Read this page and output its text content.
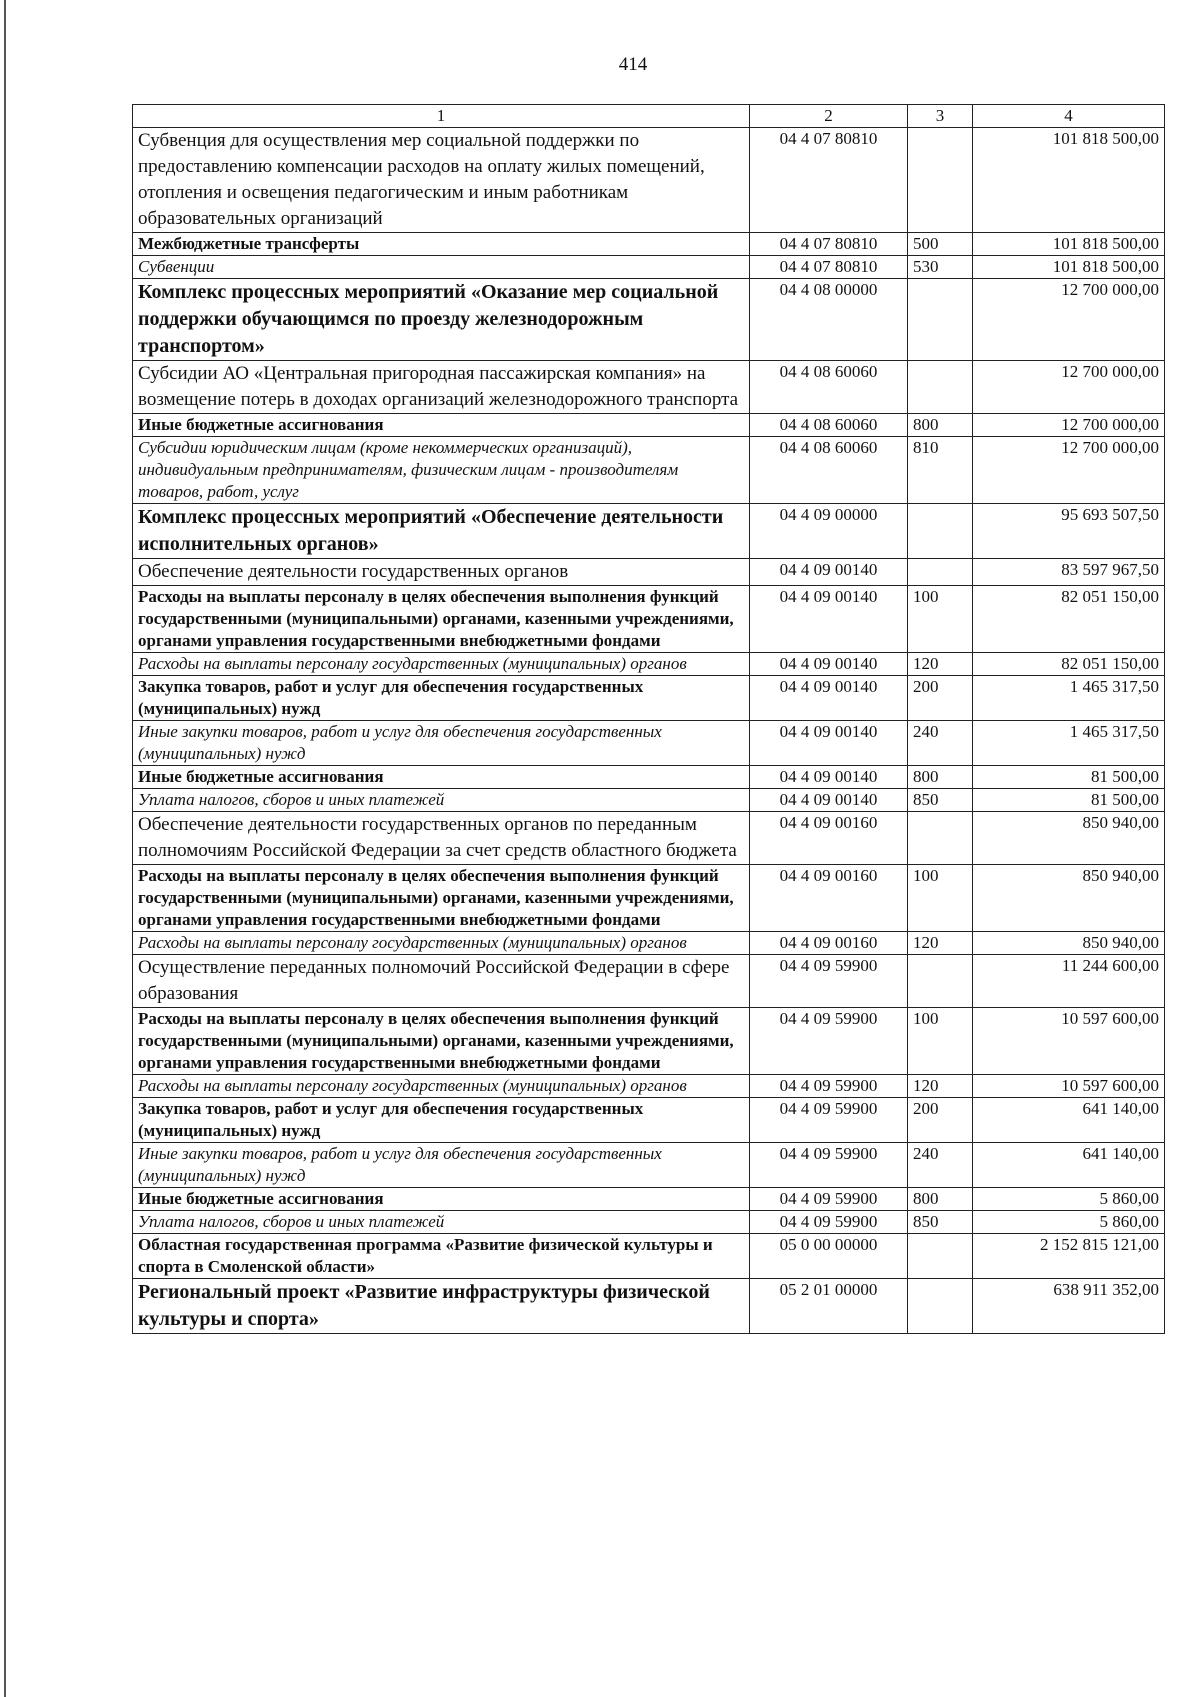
414
1	2	3	4
Субвенция для осуществления мер социальной поддержки по предоставлению компенсации расходов на оплату жилых помещений, отопления и освещения педагогическим и иным работникам образовательных организаций	04 4 07 80810		101 818 500,00
Межбюджетные трансферты	04 4 07 80810	500	101 818 500,00
Субвенции	04 4 07 80810	530	101 818 500,00
Комплекс процессных мероприятий «Оказание мер социальной поддержки обучающимся по проезду железнодорожным транспортом»	04 4 08 00000		12 700 000,00
Субсидии АО «Центральная пригородная пассажирская компания» на возмещение потерь в доходах организаций железнодорожного транспорта	04 4 08 60060		12 700 000,00
Иные бюджетные ассигнования	04 4 08 60060	800	12 700 000,00
Субсидии юридическим лицам (кроме некоммерческих организаций), индивидуальным предпринимателям, физическим лицам - производителям товаров, работ, услуг	04 4 08 60060	810	12 700 000,00
Комплекс процессных мероприятий «Обеспечение деятельности исполнительных органов»	04 4 09 00000		95 693 507,50
Обеспечение деятельности государственных органов	04 4 09 00140		83 597 967,50
Расходы на выплаты персоналу в целях обеспечения выполнения функций государственными (муниципальными) органами, казенными учреждениями, органами управления государственными внебюджетными фондами	04 4 09 00140	100	82 051 150,00
Расходы на выплаты персоналу государственных (муниципальных) органов	04 4 09 00140	120	82 051 150,00
Закупка товаров, работ и услуг для обеспечения государственных (муниципальных) нужд	04 4 09 00140	200	1 465 317,50
Иные закупки товаров, работ и услуг для обеспечения государственных (муниципальных) нужд	04 4 09 00140	240	1 465 317,50
Иные бюджетные ассигнования	04 4 09 00140	800	81 500,00
Уплата налогов, сборов и иных платежей	04 4 09 00140	850	81 500,00
Обеспечение деятельности государственных органов по переданным полномочиям Российской Федерации за счет средств областного бюджета	04 4 09 00160		850 940,00
Расходы на выплаты персоналу в целях обеспечения выполнения функций государственными (муниципальными) органами, казенными учреждениями, органами управления государственными внебюджетными фондами	04 4 09 00160	100	850 940,00
Расходы на выплаты персоналу государственных (муниципальных) органов	04 4 09 00160	120	850 940,00
Осуществление переданных полномочий Российской Федерации в сфере образования	04 4 09 59900		11 244 600,00
Расходы на выплаты персоналу в целях обеспечения выполнения функций государственными (муниципальными) органами, казенными учреждениями, органами управления государственными внебюджетными фондами	04 4 09 59900	100	10 597 600,00
Расходы на выплаты персоналу государственных (муниципальных) органов	04 4 09 59900	120	10 597 600,00
Закупка товаров, работ и услуг для обеспечения государственных (муниципальных) нужд	04 4 09 59900	200	641 140,00
Иные закупки товаров, работ и услуг для обеспечения государственных (муниципальных) нужд	04 4 09 59900	240	641 140,00
Иные бюджетные ассигнования	04 4 09 59900	800	5 860,00
Уплата налогов, сборов и иных платежей	04 4 09 59900	850	5 860,00
Областная государственная программа «Развитие физической культуры и спорта в Смоленской области»	05 0 00 00000		2 152 815 121,00
Региональный проект «Развитие инфраструктуры физической культуры и спорта»	05 2 01 00000		638 911 352,00
